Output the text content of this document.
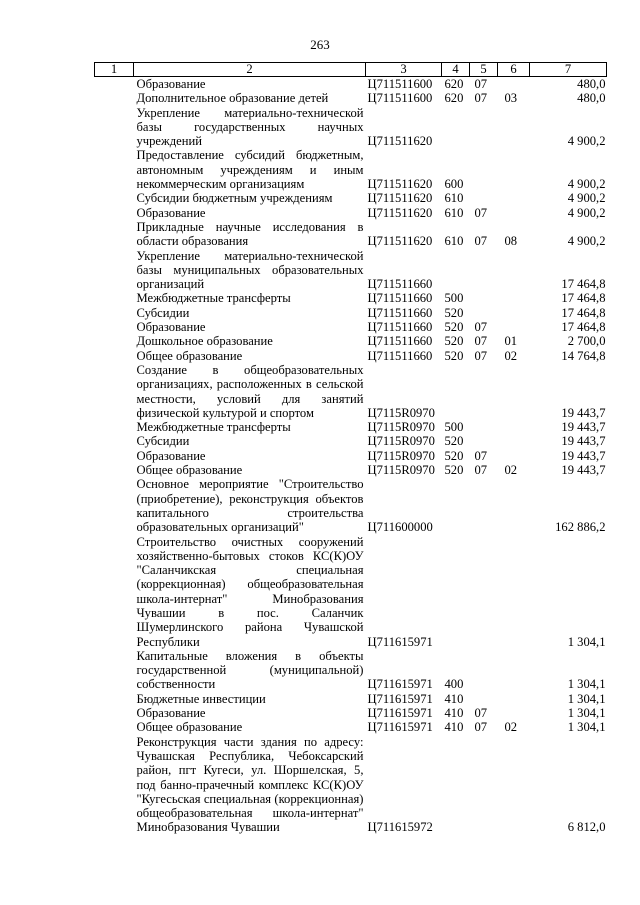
263
1	2	3	4	5	6	7
	Образование	Ц711511600	620	07		480,0
	Дополнительное образование детей	Ц711511600	620	07	03	480,0
	Укрепление материально-технической базы государственных научных учреждений	Ц711511620				4 900,2
	Предоставление субсидий бюджетным, автономным учреждениям и иным некоммерческим организациям	Ц711511620	600			4 900,2
	Субсидии бюджетным учреждениям	Ц711511620	610			4 900,2
	Образование	Ц711511620	610	07		4 900,2
	Прикладные научные исследования в области образования	Ц711511620	610	07	08	4 900,2
	Укрепление материально-технической базы муниципальных образовательных организаций	Ц711511660				17 464,8
	Межбюджетные трансферты	Ц711511660	500			17 464,8
	Субсидии	Ц711511660	520			17 464,8
	Образование	Ц711511660	520	07		17 464,8
	Дошкольное образование	Ц711511660	520	07	01	2 700,0
	Общее образование	Ц711511660	520	07	02	14 764,8
	Создание в общеобразовательных организациях, расположенных в сельской местности, условий для занятий физической культурой и спортом	Ц7115R0970				19 443,7
	Межбюджетные трансферты	Ц7115R0970	500			19 443,7
	Субсидии	Ц7115R0970	520			19 443,7
	Образование	Ц7115R0970	520	07		19 443,7
	Общее образование	Ц7115R0970	520	07	02	19 443,7
	Основное мероприятие "Строительство (приобретение), реконструкция объектов капитального строительства образовательных организаций"	Ц711600000				162 886,2
	Строительство очистных сооружений хозяйственно-бытовых стоков КС(К)ОУ "Саланчикская специальная (коррекционная) общеобразовательная школа-интернат" Минобразования Чувашии в пос. Саланчик Шумерлинского района Чувашской Республики	Ц711615971				1 304,1
	Капитальные вложения в объекты государственной (муниципальной) собственности	Ц711615971	400			1 304,1
	Бюджетные инвестиции	Ц711615971	410			1 304,1
	Образование	Ц711615971	410	07		1 304,1
	Общее образование	Ц711615971	410	07	02	1 304,1
	Реконструкция части здания по адресу: Чувашская Республика, Чебоксарский район, пгт Кугеси, ул. Шоршелская, 5, под банно-прачечный комплекс КС(К)ОУ "Кугесьская специальная (коррекционная) общеобразовательная школа-интернат" Минобразования Чувашии	Ц711615972				6 812,0
